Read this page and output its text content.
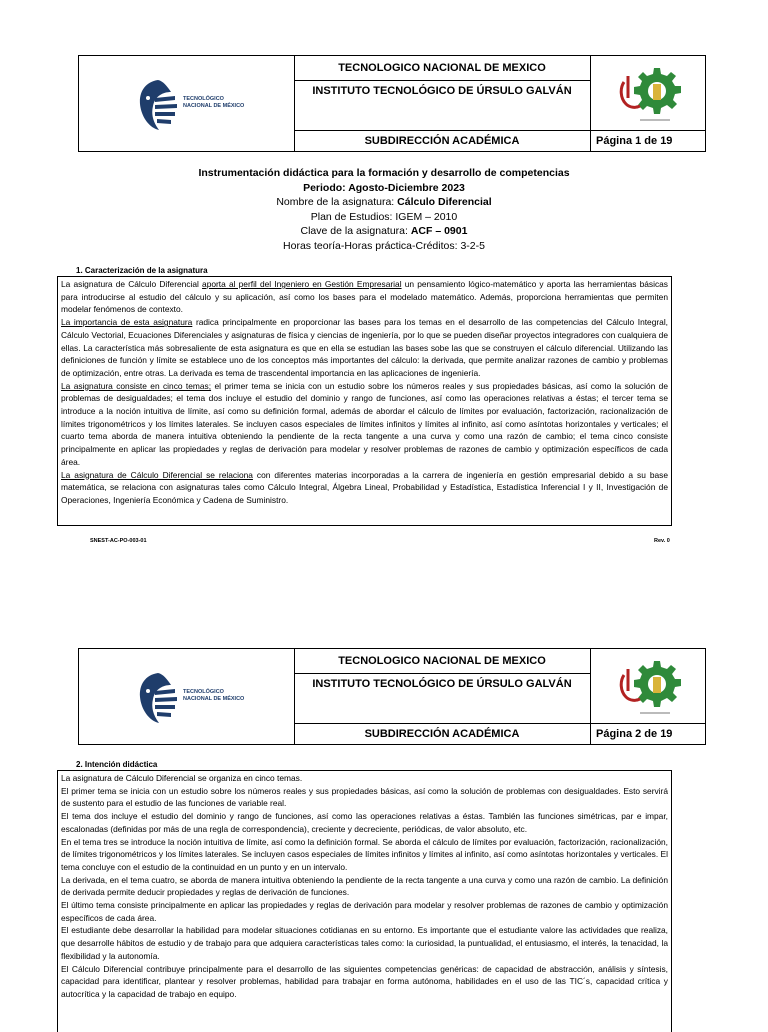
TECNOLÓGICO
NACIONAL DE MÉXICO
TECNOLOGICO NACIONAL DE MEXICO
INSTITUTO TECNOLÓGICO DE ÚRSULO GALVÁN
SUBDIRECCIÓN ACADÉMICA	Página 1 de 19
Instrumentación didáctica para la formación y desarrollo de competencias
Periodo: Agosto-Diciembre 2023
Nombre de la asignatura: Cálculo Diferencial
Plan de Estudios: IGEM – 2010
Clave de la asignatura: ACF – 0901
Horas teoría-Horas práctica-Créditos: 3-2-5
1. Caracterización de la asignatura

La asignatura de Cálculo Diferencial aporta al perfil del Ingeniero en Gestión Empresarial un pensamiento lógico-matemático y aporta las herramientas básicas para introducirse al estudio del cálculo y su aplicación, así como los bases para el modelado matemático. Además, proporciona herramientas que permiten modelar fenómenos de contexto.

La importancia de esta asignatura radica principalmente en proporcionar las bases para los temas en el desarrollo de las competencias del Cálculo Integral, Cálculo Vectorial, Ecuaciones Diferenciales y asignaturas de física y ciencias de ingeniería, por lo que se pueden diseñar proyectos integradores con cualquiera de ellas. La característica más sobresaliente de esta asignatura es que en ella se estudian las bases sobe las que se construyen el cálculo diferencial. Utilizando las definiciones de función y límite se establece uno de los conceptos más importantes del cálculo: la derivada, que permite analizar razones de cambio y problemas de optimización, entre otras. La derivada es tema de trascendental importancia en las aplicaciones de ingeniería.

La asignatura consiste en cinco temas; el primer tema se inicia con un estudio sobre los números reales y sus propiedades básicas, así como la solución de problemas de desigualdades; el tema dos incluye el estudio del dominio y rango de funciones, así como las operaciones relativas a éstas; el tercer tema se introduce a la noción intuitiva de límite, así como su definición formal, además de abordar el cálculo de límites por evaluación, factorización, racionalización de límites trigonométricos y los límites laterales. Se incluyen casos especiales de límites infinitos y límites al infinito, así como asíntotas horizontales y verticales; el cuarto tema aborda de manera intuitiva obteniendo la pendiente de la recta tangente a una curva y como una razón de cambio; el tema cinco consiste principalmente en aplicar las propiedades y reglas de derivación para modelar y resolver problemas de razones de cambio y optimización específicos de cada área.

La asignatura de Cálculo Diferencial se relaciona con diferentes materias incorporadas a la carrera de ingeniería en gestión empresarial debido a su base matemática, se relaciona con asignaturas tales como Cálculo Integral, Álgebra Lineal, Probabilidad y Estadística, Estadística Inferencial I y II, Investigación de Operaciones, Ingeniería Económica y Cadena de Suministro.

SNEST-AC-PO-003-01	Rev. 0
TECNOLÓGICO
NACIONAL DE MÉXICO
TECNOLOGICO NACIONAL DE MEXICO
INSTITUTO TECNOLÓGICO DE ÚRSULO GALVÁN
SUBDIRECCIÓN ACADÉMICA	Página 2 de 19
2. Intención didáctica

La asignatura de Cálculo Diferencial se organiza en cinco temas.

El primer tema se inicia con un estudio sobre los números reales y sus propiedades básicas, así como la solución de problemas con desigualdades. Esto servirá de sustento para el estudio de las funciones de variable real.

El tema dos incluye el estudio del dominio y rango de funciones, así como las operaciones relativas a éstas. También las funciones simétricas, par e impar, escalonadas (definidas por más de una regla de correspondencia), creciente y decreciente, periódicas, de valor absoluto, etc.

En el tema tres se introduce la noción intuitiva de límite, así como la definición formal. Se aborda el cálculo de límites por evaluación, factorización, racionalización, de límites trigonométricos y los límites laterales. Se incluyen casos especiales de límites infinitos y límites al infinito, así como asíntotas horizontales y verticales. El tema concluye con el estudio de la continuidad en un punto y en un intervalo.

La derivada, en el tema cuatro, se aborda de manera intuitiva obteniendo la pendiente de la recta tangente a una curva y como una razón de cambio. La definición de derivada permite deducir propiedades y reglas de derivación de funciones.

El último tema consiste principalmente en aplicar las propiedades y reglas de derivación para modelar y resolver problemas de razones de cambio y optimización específicos de cada área.

El estudiante debe desarrollar la habilidad para modelar situaciones cotidianas en su entorno. Es importante que el estudiante valore las actividades que realiza, que desarrolle hábitos de estudio y de trabajo para que adquiera características tales como: la curiosidad, la puntualidad, el entusiasmo, el interés, la tenacidad, la flexibilidad y la autonomía.

El Cálculo Diferencial contribuye principalmente para el desarrollo de las siguientes competencias genéricas: de capacidad de abstracción, análisis y síntesis, capacidad para identificar, plantear y resolver problemas, habilidad para trabajar en forma autónoma, habilidades en el uso de las TIC´s, capacidad crítica y autocrítica y la capacidad de trabajo en equipo.
